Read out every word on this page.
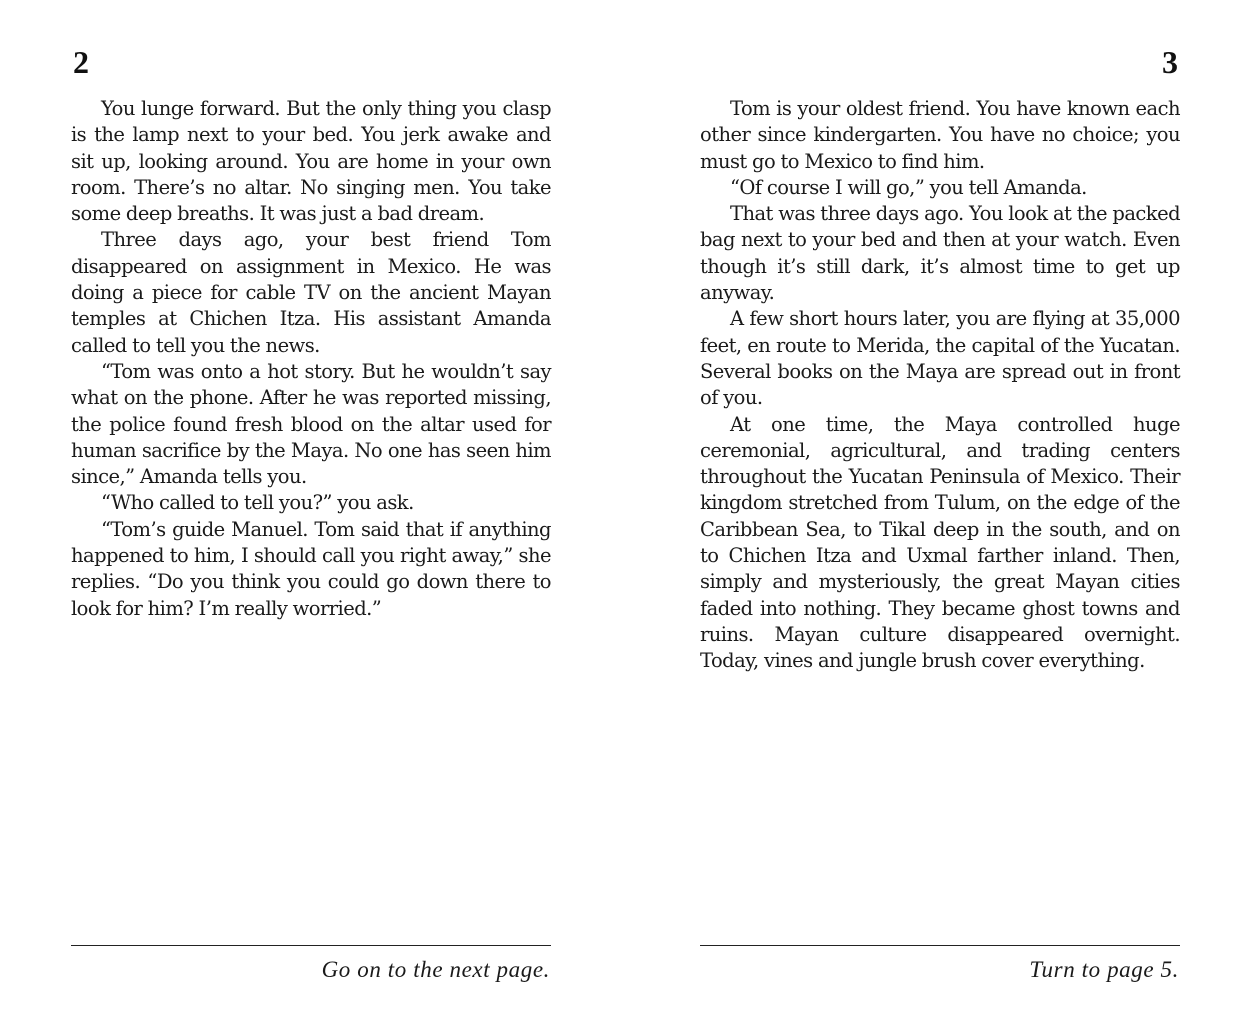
2

You lunge forward. But the only thing you clasp is the lamp next to your bed. You jerk awake and sit up, looking around. You are home in your own room. There’s no altar. No singing men. You take some deep breaths. It was just a bad dream.

Three days ago, your best friend Tom disappeared on assignment in Mexico. He was doing a piece for cable TV on the ancient Mayan temples at Chichen Itza. His assistant Amanda called to tell you the news.

“Tom was onto a hot story. But he wouldn’t say what on the phone. After he was reported missing, the police found fresh blood on the altar used for human sacrifice by the Maya. No one has seen him since,” Amanda tells you.

“Who called to tell you?” you ask.

“Tom’s guide Manuel. Tom said that if anything happened to him, I should call you right away,” she replies. “Do you think you could go down there to look for him? I’m really worried.”

Go on to the next page.
3

Tom is your oldest friend. You have known each other since kindergarten. You have no choice; you must go to Mexico to find him.

“Of course I will go,” you tell Amanda.

That was three days ago. You look at the packed bag next to your bed and then at your watch. Even though it’s still dark, it’s almost time to get up anyway.

A few short hours later, you are flying at 35,000 feet, en route to Merida, the capital of the Yucatan. Several books on the Maya are spread out in front of you.

At one time, the Maya controlled huge ceremonial, agricultural, and trading centers throughout the Yucatan Peninsula of Mexico. Their kingdom stretched from Tulum, on the edge of the Caribbean Sea, to Tikal deep in the south, and on to Chichen Itza and Uxmal farther inland. Then, simply and mysteriously, the great Mayan cities faded into nothing. They became ghost towns and ruins. Mayan culture disappeared overnight. Today, vines and jungle brush cover everything.

Turn to page 5.
